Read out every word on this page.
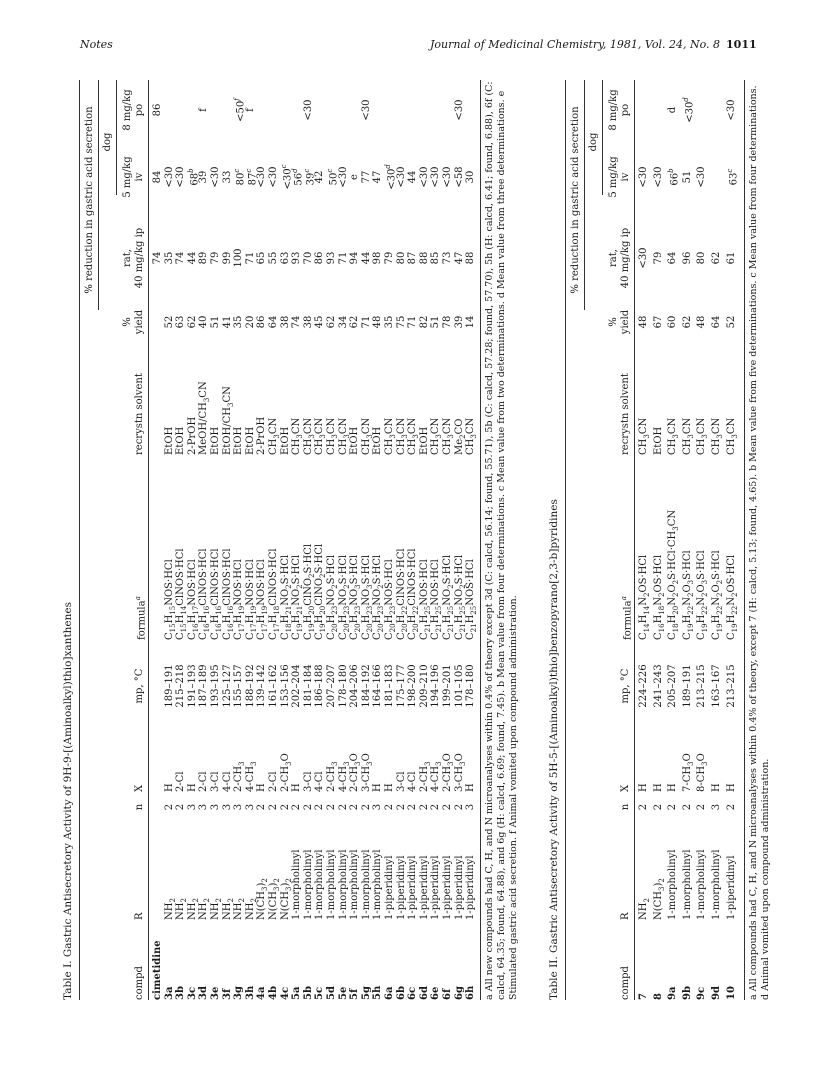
Notes	Journal of Medicinal Chemistry, 1981, Vol. 24, No. 8 1011
Table I. Gastric Antisecretory Activity of 9H-9-[(Aminoalkyl)thio]xanthenes
% reduction in gastric acid secretion dog
compd
R
n
X
mp, °C
formula$^a$
recrystn solvent
% yield
rat, 40 mg/kg ip
5 mg/kg iv
8 mg/kg po
cimetidine
74
84
86
3a
$NH_2$
2
H
189–191
$C_{15}H_{15}NOS\cdot HCl$
EtOH
52
35
<30
3b
$NH_2$
2
2-Cl
215–218
$C_{15}H_{14}ClNOS\cdot HCl$
EtOH
63
74
<30
3c
$NH_2$
3
H
191–193
$C_{16}H_{17}NOS\cdot HCl$
2-PrOH
62
44
68$^b$
3d
$NH_2$
3
2-Cl
187–189
$C_{16}H_{16}ClNOS\cdot HCl$
MeOH/$CH_3CN$
40
89
39
f
3e
$NH_2$
3
3-Cl
193–195
$C_{16}H_{16}ClNOS\cdot HCl$
EtOH
51
79
<30
3f
$NH_2$
3
4-Cl
125–127
$C_{16}H_{16}ClNOS\cdot HCl$
EtOH/$CH_3CN$
41
99
33
3g
$NH_2$
3
$2-CH_3$
155–157
$C_{17}H_{19}NOS\cdot HCl$
EtOH
35
100
$80^c$
$<50^f$
3h
$NH_2$
3
$4-CH_3$
188–192
$C_{17}H_{19}NOS\cdot HCl$
EtOH
20
71
87$^c$
f
4a
$N(CH_3)_2$
2
H
139–142
$C_{17}H_{19}NOS\cdot HCl$
2-PrOH
86
65
<30
4b
$N(CH_3)_2$
2
2-Cl
161–162
$C_{17}H_{18}ClNOS\cdot HCl$
$CH_3CN$
64
55
<30
4c
$N(CH_3)_2$
2
$2-CH_3O$
153–156
$C_{18}H_{21}NO_2S\cdot HCl$
EtOH
38
63
$<30^c$
5a
1-morpholinyl
2
H
202–204
$C_{19}H_{21}NO_2S\cdot HCl$
$CH_3CN$
74
93
56$^d$
5b
1-morpholinyl
2
3-Cl
181–184
$C_{19}H_{20}ClNO_2S\cdot HCl$
$CH_3CN$
38
70
$39^c$
<30
5c
1-morpholinyl
2
4-Cl
186–188
$C_{19}H_{20}ClNO_2S\cdot HCl$
$CH_3CN$
45
86
42
5d
1-morpholinyl
2
$2-CH_3$
207–207
$C_{20}H_{23}NO_2S\cdot HCl$
$CH_3CN$
62
93
50$^c$
5e
1-morpholinyl
2
$4-CH_3$
178–180
$C_{20}H_{23}NO_2S\cdot HCl$
$CH_3CN$
34
71
<30
5f
1-morpholinyl
2
$2-CH_3O$
204–206
$C_{20}H_{23}NO_3S\cdot HCl$
EtOH
62
94
e
5g
1-morpholinyl
2
$3-CH_3O$
184–192
$C_{20}H_{23}NO_3S\cdot HCl$
$CH_3CN$
71
44
77
<30
5h
1-morpholinyl
3
H
164–166
$C_{20}H_{23}NO_2S\cdot HCl$
EtOH
48
98
47
6a
1-piperidinyl
2
H
181–183
$C_{20}H_{23}NOS\cdot HCl$
$CH_3CN$
35
79
$<30^d$
6b
1-piperidinyl
2
3-Cl
175–177
$C_{20}H_{22}ClNOS\cdot HCl$
$CH_3CN$
75
80
<30
6c
1-piperidinyl
2
4-Cl
198–200
$C_{20}H_{22}ClNOS\cdot HCl$
$CH_3CN$
71
87
44
6d
1-piperidinyl
2
$2-CH_3$
209–210
$C_{21}H_{25}NOS\cdot HCl$
EtOH
82
88
<30
6e
1-piperidinyl
2
$4-CH_3$
194–196
$C_{21}H_{25}NOS\cdot HCl$
$CH_3CN$
51
85
<30
6f
1-piperidinyl
2
$2-CH_3O$
199–201
$C_{21}H_{25}NO_2S\cdot HCl$
$CH_3CN$
78
73
<30
6g
1-piperidinyl
2
$3-CH_3O$
101–105
$C_{21}H_{25}NO_2S\cdot HCl$
$Me_2CO$
39
47
<58
<30
6h
1-piperidinyl
3
H
178–180
$C_{21}H_{25}NOS\cdot HCl$
$CH_3CN$
14
88
30 a All new compounds had C, H, and N microanalyses within 0.4% of theory except 3d (C: calcd, 56.14; found, 55.71), 5b (C: calcd, 57.28; found, 57.70), 5h (H: calcd, 6.41; found, 6.88), 6f (C: calcd, 64.35; found, 64.88), and 6g (H: calcd, 6.69; found, 7.45). b Mean value from four determinations. c Mean value from two determinations. d Mean value from three determinations. e Stimulated gastric acid secretion. f Animal vomited upon compound administration.	Table II. Gastric Antisecretory Activity of 5H-5-[(Aminoalkyl)thio]benzopyrano[2,3-b]pyridines
% reduction in gastric acid secretion dog
compd
R
n
X
mp, °C
formula$^a$
recrystn solvent
% yield
rat, 40 mg/kg ip
5 mg/kg iv
8 mg/kg po
7
$NH_2$
2
H
224–226
$C_{14}H_{14}N_2OS\cdot HCl$
$CH_3CN$
48
<30
<30
8
$N(CH_3)_2$
2
H
241–243
$C_{16}H_{18}N_2OS\cdot HCl$
EtOH
67
79
<30
9a
1-morpholinyl
2
H
205–207
$C_{18}H_{20}N_2O_2S\cdot HCl\cdot CH_3CN$
$CH_3CN$
60
64
66$^b$
d
9b
1-morpholinyl
2
$7-CH_3O$
189–191
$C_{19}H_{22}N_2O_3S\cdot HCl$
$CH_3CN$
62
96
51
$<30^d$
9c
1-morpholinyl
2
$8-CH_3O$
213–215
$C_{19}H_{22}N_2O_3S\cdot HCl$
$CH_3CN$
48
80
<30
9d
1-morpholinyl
3
H
163–167
$C_{19}H_{22}N_2O_2S\cdot HCl$
$CH_3CN$
64
62
10
1-piperidinyl
2
H
213–215
$C_{19}H_{22}N_2OS\cdot HCl$
$CH_3CN$
52
61
$63^c$
<30 a All compounds had C, H, and N microanalyses within 0.4% of theory, except 7 (H: calcd, 5.13; found, 4.65). b Mean value from five determinations. c Mean value from four determinations. d Animal vomited upon compound administration.
